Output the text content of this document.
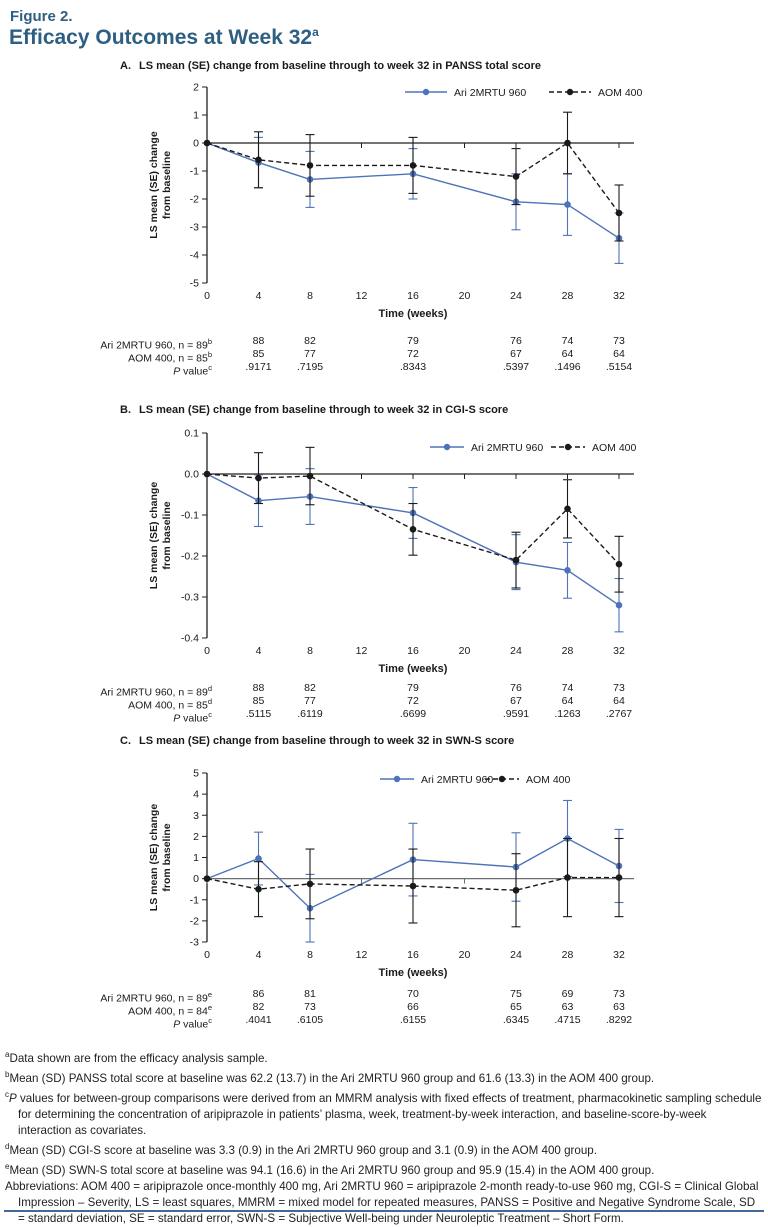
Figure 2.
Efficacy Outcomes at Week 32$^a$
A. LS mean (SE) change from baseline through to week 32 in PANSS total score
B. LS mean (SE) change from baseline through to week 32 in CGI-S score
C. LS mean (SE) change from baseline through to week 32 in SWN-S score
2
1
0
-1
-2
-3
-4
-5
0	4	8	12	16	20	24	28	32
Time (weeks)
LS mean (SE) change from baseline
Ari 2MRTU 960	AOM 400
0.1
0.0
-0.1
-0.2
-0.3
-0.4
0	4	8	12	16	20	24	28	32
Time (weeks)
LS mean (SE) change from baseline
Ari 2MRTU 960	AOM 400
5
4
3
2
1
0
-1
-2
-3
0	4	8	12	16	20	24	28	32
Time (weeks)
LS mean (SE) change from baseline
Ari 2MRTU 960	AOM 400
Ari 2MRTU 960, $n = 89^b$	88	82	79	76	74	73
AOM 400, $n = 85^b$	85	77	72	67	64	64
P value$^c$	.9171	.7195	.8343	.5397	.1496	.5154
Ari 2MRTU 960, $n = 89^d$	88	82	79	76	74	73
AOM 400, $n = 85^d$	85	77	72	67	64	64
P value$^c$	.5115	.6119	.6699	.9591	.1263	.2767
Ari 2MRTU 960, $n = 89^e$	86	81	70	75	69	73
AOM 400, $n = 84^e$	82	73	66	65	63	63
P value$^c$	.4041	.6105	.6155	.6345	.4715	.8292
$^a$Data shown are from the efficacy analysis sample.
$^b$Mean (SD) PANSS total score at baseline was 62.2 (13.7) in the Ari 2MRTU 960 group and 61.6 (13.3) in the AOM 400 group.
$^c$P values for between-group comparisons were derived from an MMRM analysis with fixed effects of treatment, pharmacokinetic sampling schedule for determining the concentration of aripiprazole in patients’ plasma, week, treatment-by-week interaction, and baseline-score-by-week interaction as covariates.
$^d$Mean (SD) CGI-S score at baseline was 3.3 (0.9) in the Ari 2MRTU 960 group and 3.1 (0.9) in the AOM 400 group.
$^e$Mean (SD) SWN-S total score at baseline was 94.1 (16.6) in the Ari 2MRTU 960 group and 95.9 (15.4) in the AOM 400 group.
Abbreviations: AOM 400 = aripiprazole once-monthly 400 mg, Ari 2MRTU 960 = aripiprazole 2-month ready-to-use 960 mg, CGI-S = Clinical Global Impression – Severity, LS = least squares, MMRM = mixed model for repeated measures, PANSS = Positive and Negative Syndrome Scale, SD = standard deviation, SE = standard error, SWN-S = Subjective Well-being under Neuroleptic Treatment – Short Form.
